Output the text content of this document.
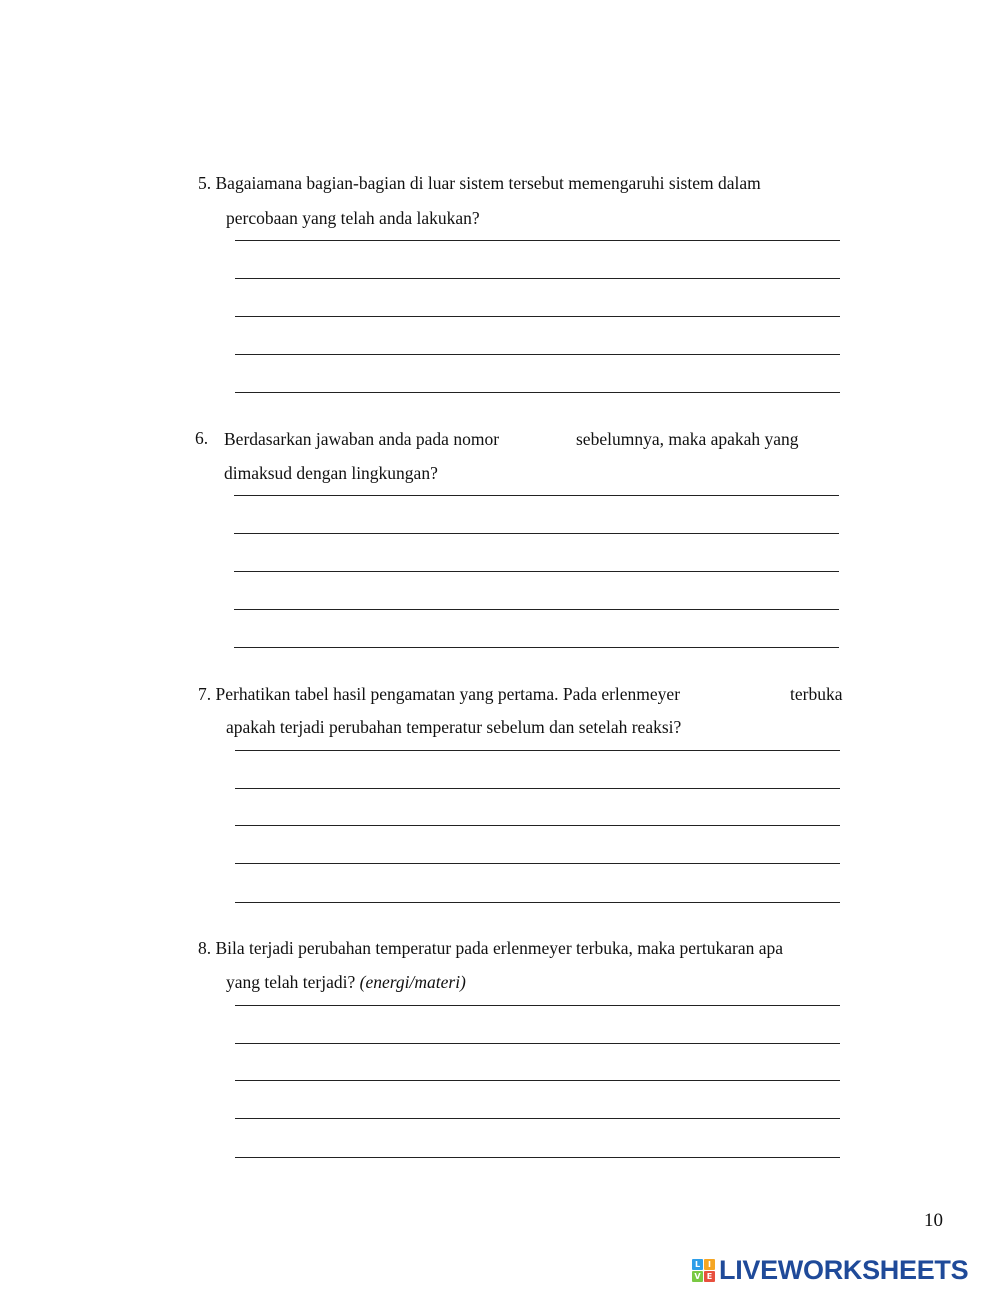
5. Bagaiamana bagian-bagian di luar sistem tersebut memengaruhi sistem dalam
percobaan yang telah anda lakukan?
6. Berdasarkan jawaban anda pada nomor	sebelumnya, maka apakah yang
dimaksud dengan lingkungan?
7. Perhatikan tabel hasil pengamatan yang pertama. Pada erlenmeyer	terbuka
apakah terjadi perubahan temperatur sebelum dan setelah reaksi?
8. Bila terjadi perubahan temperatur pada erlenmeyer terbuka, maka pertukaran apa
yang telah terjadi? (energi/materi)
10
L I
V E LIVEWORKSHEETS
